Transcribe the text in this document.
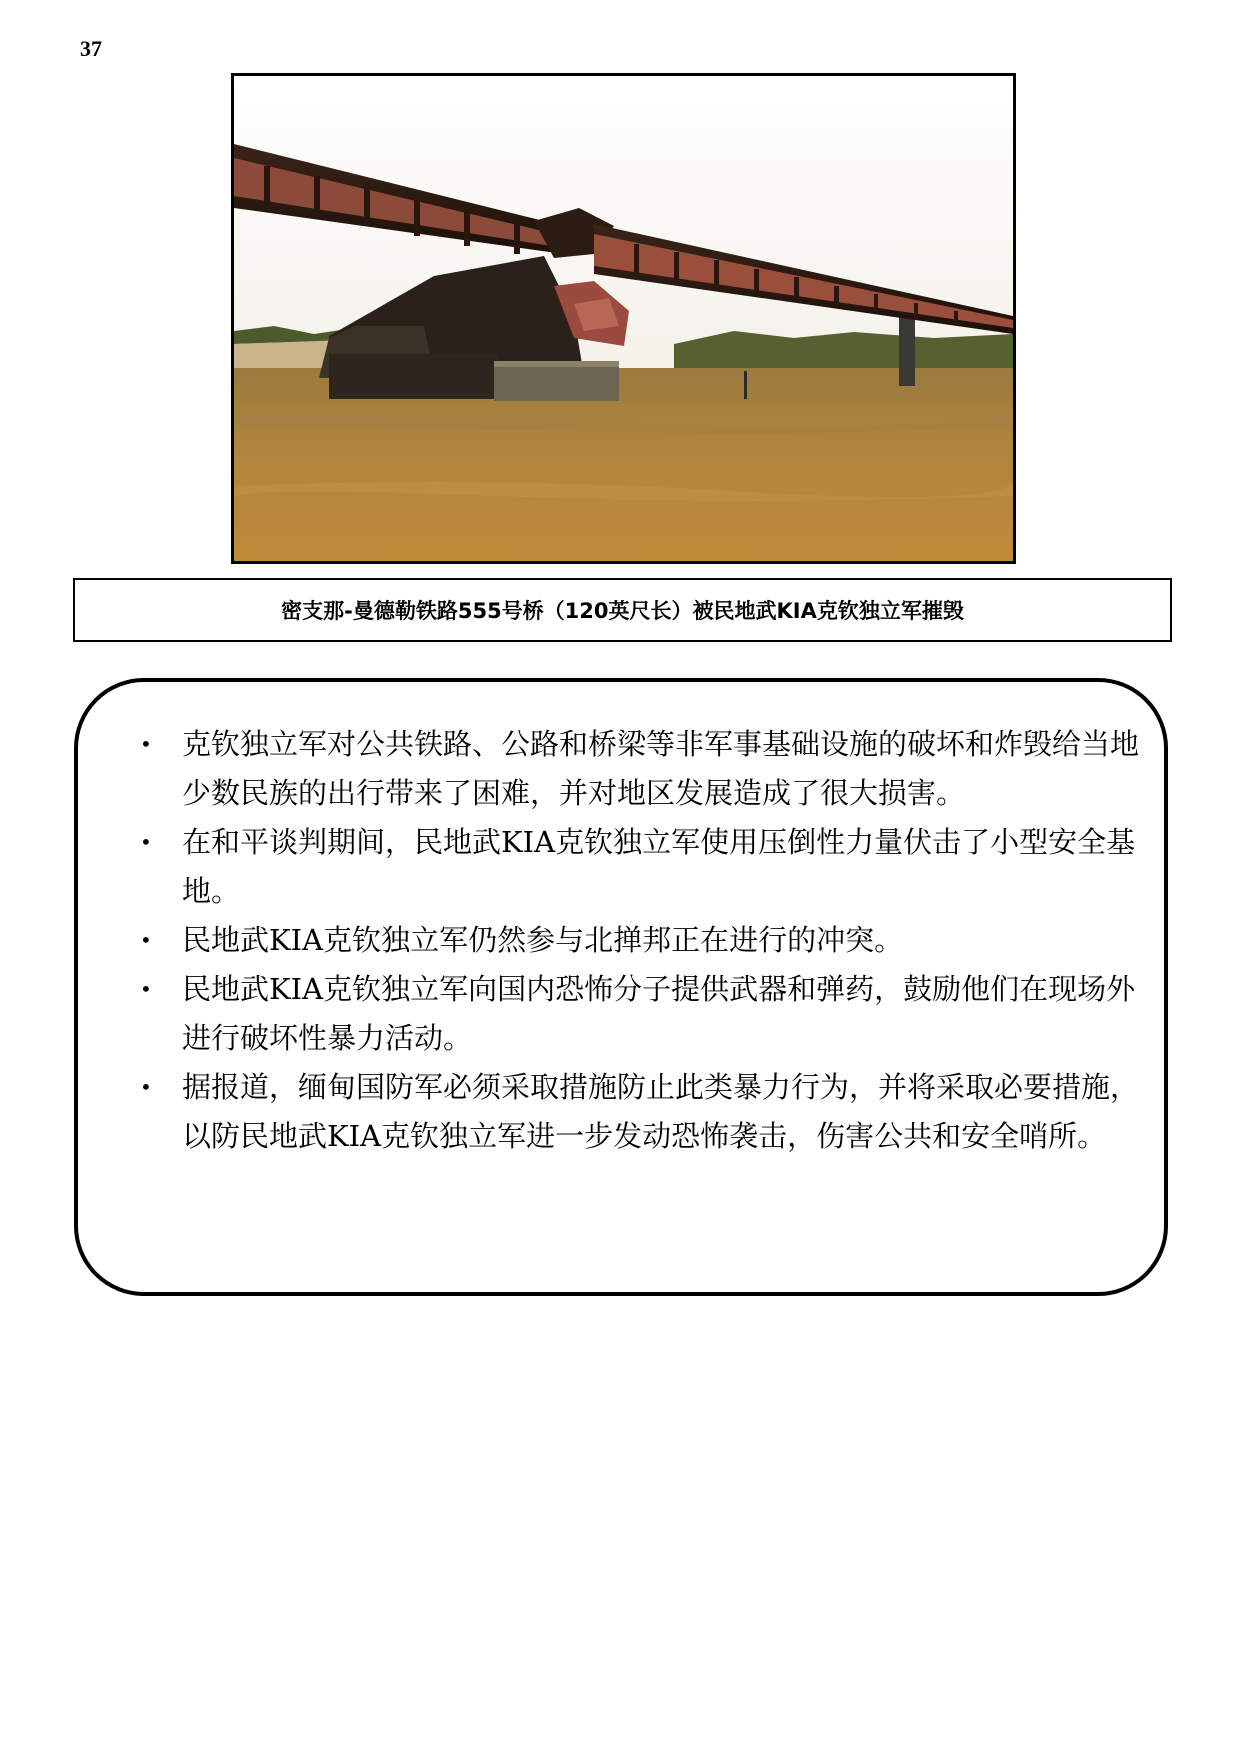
37
密支那-曼德勒铁路555号桥（120英尺长）被民地武KIA克钦独立军摧毁
• 克钦独立军对公共铁路、公路和桥梁等非军事基础设施的破坏和炸毁给当地少数民族的出行带来了困难，并对地区发展造成了很大损害。
• 在和平谈判期间，民地武KIA克钦独立军使用压倒性力量伏击了小型安全基地。
• 民地武KIA克钦独立军仍然参与北掸邦正在进行的冲突。
• 民地武KIA克钦独立军向国内恐怖分子提供武器和弹药，鼓励他们在现场外进行破坏性暴力活动。
• 据报道，缅甸国防军必须采取措施防止此类暴力行为，并将采取必要措施，以防民地武KIA克钦独立军进一步发动恐怖袭击，伤害公共和安全哨所。
